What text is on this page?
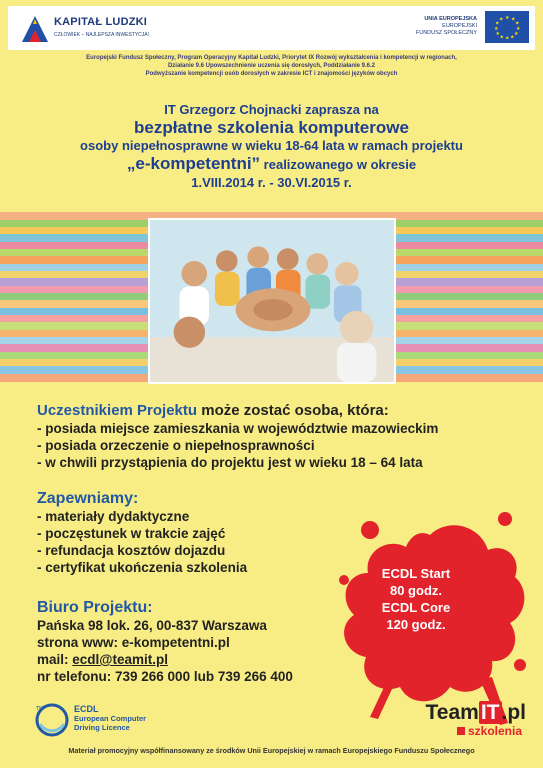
KAPITAŁ LUDZKI
CZŁOWIEK – NAJLEPSZA INWESTYCJA!
UNIA EUROPEJSKA
EUROPEJSKI
FUNDUSZ SPOŁECZNY
★ ★
★
★
★
★
★
★
★
★
★
★
Europejski Fundusz Społeczny, Program Operacyjny Kapitał Ludzki, Priorytet IX Rozwój wykształcenia i kompetencji w regionach,
Działanie 9.6 Upowszechnienie uczenia się dorosłych, Poddziałanie 9.6.2
Podwyższanie kompetencji osób dorosłych w zakresie ICT i znajomości języków obcych
IT Grzegorz Chojnacki zaprasza na
bezpłatne szkolenia komputerowe
osoby niepełnosprawne w wieku 18-64 lata w ramach projektu
„e-kompetentni” realizowanego w okresie
1.VIII.2014 r. - 30.VI.2015 r.
Uczestnikiem Projektu może zostać osoba, która:
- posiada miejsce zamieszkania w województwie mazowieckim
- posiada orzeczenie o niepełnosprawności
- w chwili przystąpienia do projektu jest w wieku 18 – 64 lata
Zapewniamy:
- materiały dydaktyczne
- poczęstunek w trakcie zajęć
- refundacja kosztów dojazdu
- certyfikat ukończenia szkolenia
Biuro Projektu:
Pańska 98 lok. 26, 00-837 Warszawa
strona www: e-kompetentni.pl
mail: ecdl@teamit.pl
nr telefonu: 739 266 000 lub 739 266 400
ECDL Start
80 godz.
ECDL Core
120 godz.
TM	ECDL
European Computer
Driving Licence
TeamIT.pl
szkolenia
Materiał promocyjny współfinansowany ze środków Unii Europejskiej w ramach Europejskiego Funduszu Społecznego
